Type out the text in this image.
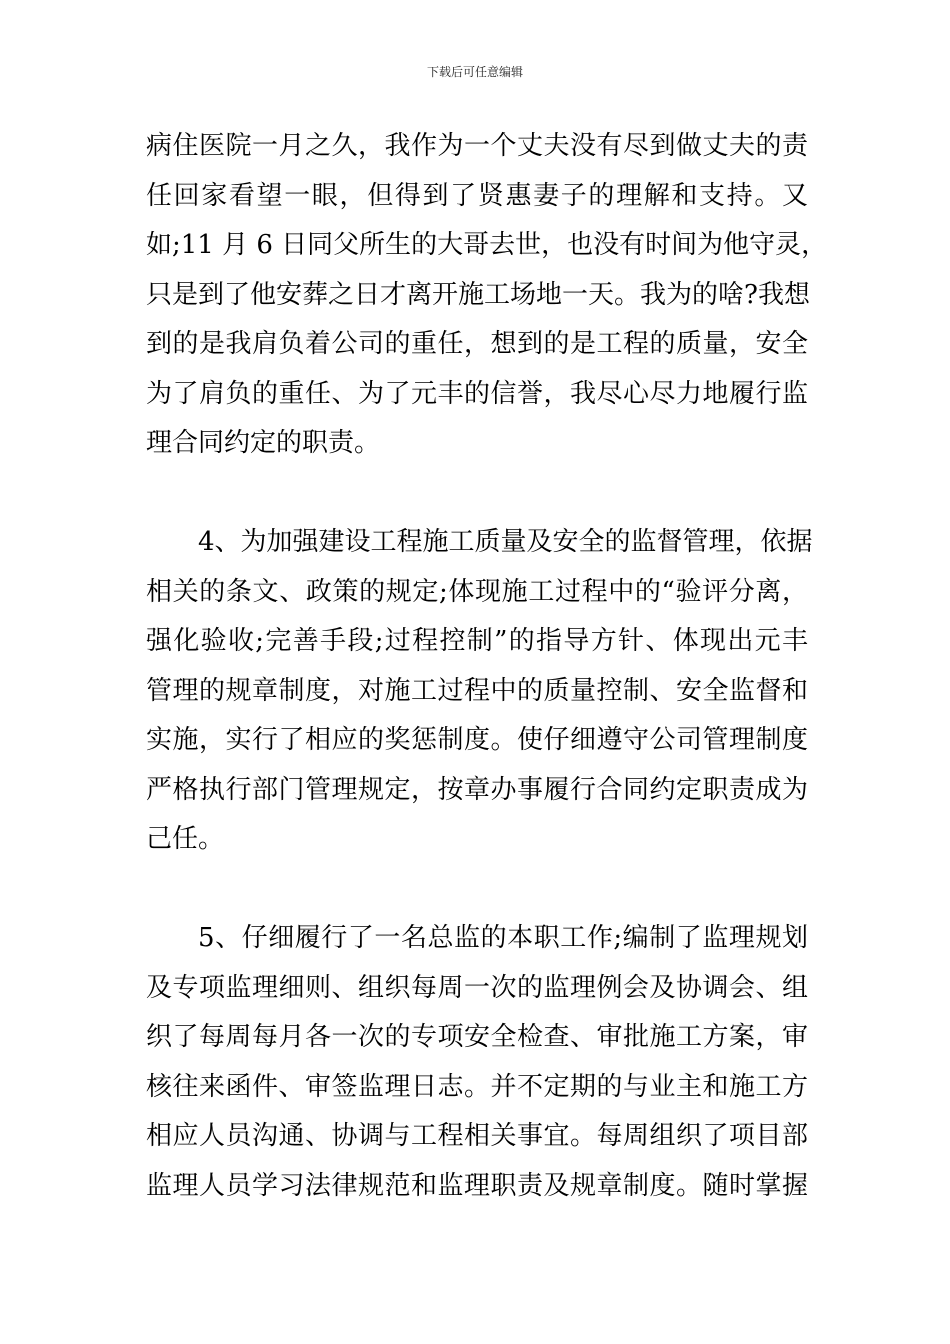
下载后可任意编辑
病住医院一月之久，我作为一个丈夫没有尽到做丈夫的责
任回家看望一眼，但得到了贤惠妻子的理解和支持。又
如;11 月 6 日同父所生的大哥去世，也没有时间为他守灵，
只是到了他安葬之日才离开施工场地一天。我为的啥?我想
到的是我肩负着公司的重任，想到的是工程的质量，安全
为了肩负的重任、为了元丰的信誉，我尽心尽力地履行监
理合同约定的职责。
4、为加强建设工程施工质量及安全的监督管理，依据
相关的条文、政策的规定;体现施工过程中的“验评分离，
强化验收;完善手段;过程控制”的指导方针、体现出元丰
管理的规章制度，对施工过程中的质量控制、安全监督和
实施，实行了相应的奖惩制度。使仔细遵守公司管理制度
严格执行部门管理规定，按章办事履行合同约定职责成为
己任。
5、仔细履行了一名总监的本职工作;编制了监理规划
及专项监理细则、组织每周一次的监理例会及协调会、组
织了每周每月各一次的专项安全检查、审批施工方案，审
核往来函件、审签监理日志。并不定期的与业主和施工方
相应人员沟通、协调与工程相关事宜。每周组织了项目部
监理人员学习法律规范和监理职责及规章制度。随时掌握
